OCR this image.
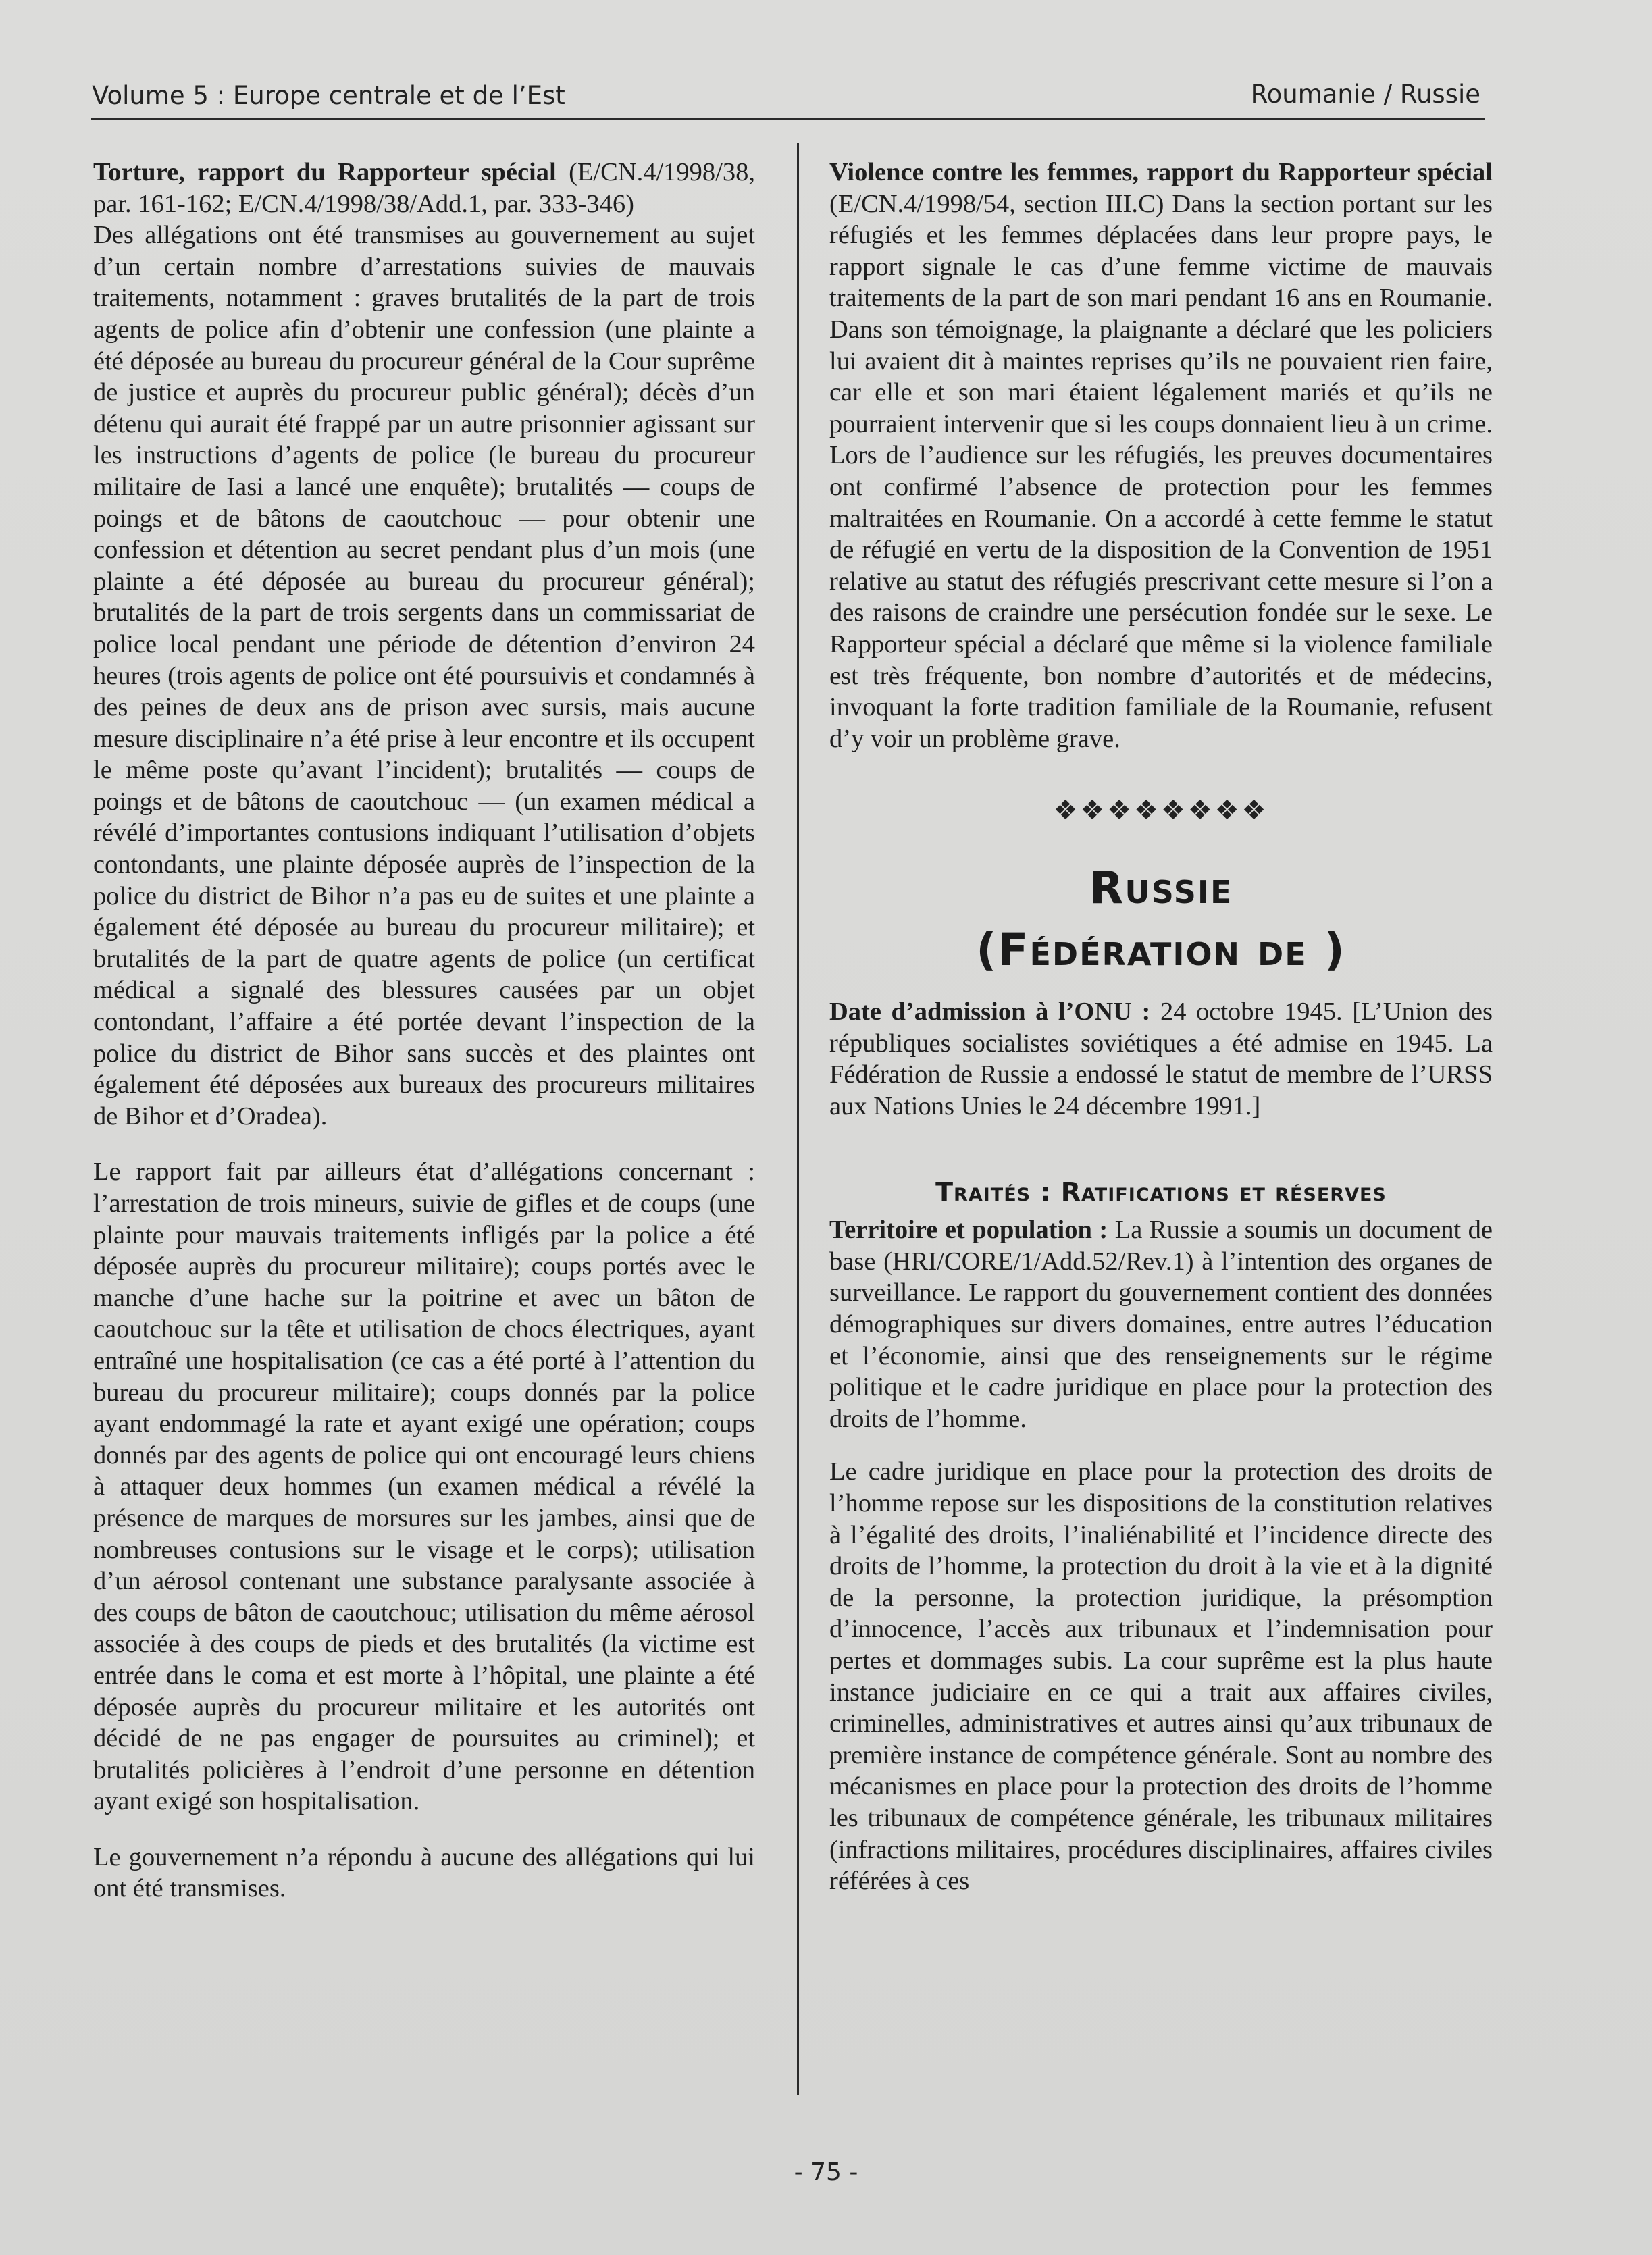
Volume 5 : Europe centrale et de l’Est	Roumanie / Russie
Torture, rapport du Rapporteur spécial (E/CN.4/1998/38, par. 161-162; E/CN.4/1998/38/Add.1, par. 333-346)

Des allégations ont été transmises au gouvernement au sujet d’un certain nombre d’arrestations suivies de mauvais traitements, notamment : graves brutalités de la part de trois agents de police afin d’obtenir une confession (une plainte a été déposée au bureau du procureur général de la Cour suprême de justice et auprès du procureur public général); décès d’un détenu qui aurait été frappé par un autre prisonnier agissant sur les instructions d’agents de police (le bureau du procureur militaire de Iasi a lancé une enquête); brutalités — coups de poings et de bâtons de caoutchouc — pour obtenir une confession et détention au secret pendant plus d’un mois (une plainte a été déposée au bureau du procureur général); brutalités de la part de trois sergents dans un commissariat de police local pendant une période de détention d’environ 24 heures (trois agents de police ont été poursuivis et condamnés à des peines de deux ans de prison avec sursis, mais aucune mesure disciplinaire n’a été prise à leur encontre et ils occupent le même poste qu’avant l’incident); brutalités — coups de poings et de bâtons de caoutchouc — (un examen médical a révélé d’importantes contusions indiquant l’utilisation d’objets contondants, une plainte déposée auprès de l’inspection de la police du district de Bihor n’a pas eu de suites et une plainte a également été déposée au bureau du procureur militaire); et brutalités de la part de quatre agents de police (un certificat médical a signalé des blessures causées par un objet contondant, l’affaire a été portée devant l’inspection de la police du district de Bihor sans succès et des plaintes ont également été déposées aux bureaux des procureurs militaires de Bihor et d’Oradea).

Le rapport fait par ailleurs état d’allégations concernant : l’arrestation de trois mineurs, suivie de gifles et de coups (une plainte pour mauvais traitements infligés par la police a été déposée auprès du procureur militaire); coups portés avec le manche d’une hache sur la poitrine et avec un bâton de caoutchouc sur la tête et utilisation de chocs électriques, ayant entraîné une hospitalisation (ce cas a été porté à l’attention du bureau du procureur militaire); coups donnés par la police ayant endommagé la rate et ayant exigé une opération; coups donnés par des agents de police qui ont encouragé leurs chiens à attaquer deux hommes (un examen médical a révélé la présence de marques de morsures sur les jambes, ainsi que de nombreuses contusions sur le visage et le corps); utilisation d’un aérosol contenant une substance paralysante associée à des coups de bâton de caoutchouc; utilisation du même aérosol associée à des coups de pieds et des brutalités (la victime est entrée dans le coma et est morte à l’hôpital, une plainte a été déposée auprès du procureur militaire et les autorités ont décidé de ne pas engager de poursuites au criminel); et brutalités policières à l’endroit d’une personne en détention ayant exigé son hospitalisation.

Le gouvernement n’a répondu à aucune des allégations qui lui ont été transmises.

Violence contre les femmes, rapport du Rapporteur spécial (E/CN.4/1998/54, section III.C) Dans la section portant sur les réfugiés et les femmes déplacées dans leur propre pays, le rapport signale le cas d’une femme victime de mauvais traitements de la part de son mari pendant 16 ans en Roumanie. Dans son témoignage, la plaignante a déclaré que les policiers lui avaient dit à maintes reprises qu’ils ne pouvaient rien faire, car elle et son mari étaient légalement mariés et qu’ils ne pourraient intervenir que si les coups donnaient lieu à un crime. Lors de l’audience sur les réfugiés, les preuves documentaires ont confirmé l’absence de protection pour les femmes maltraitées en Roumanie. On a accordé à cette femme le statut de réfugié en vertu de la disposition de la Convention de 1951 relative au statut des réfugiés prescrivant cette mesure si l’on a des raisons de craindre une persécution fondée sur le sexe. Le Rapporteur spécial a déclaré que même si la violence familiale est très fréquente, bon nombre d’autorités et de médecins, invoquant la forte tradition familiale de la Roumanie, refusent d’y voir un problème grave.
❖❖❖❖❖❖❖❖
Russie
(Fédération de )
Date d’admission à l’ONU : 24 octobre 1945. [L’Union des républiques socialistes soviétiques a été admise en 1945. La Fédération de Russie a endossé le statut de membre de l’URSS aux Nations Unies le 24 décembre 1991.]
Traités : Ratifications et réserves
Territoire et population : La Russie a soumis un document de base (HRI/CORE/1/Add.52/Rev.1) à l’intention des organes de surveillance. Le rapport du gouvernement contient des données démographiques sur divers domaines, entre autres l’éducation et l’économie, ainsi que des renseignements sur le régime politique et le cadre juridique en place pour la protection des droits de l’homme.

Le cadre juridique en place pour la protection des droits de l’homme repose sur les dispositions de la constitution relatives à l’égalité des droits, l’inaliénabilité et l’incidence directe des droits de l’homme, la protection du droit à la vie et à la dignité de la personne, la protection juridique, la présomption d’innocence, l’accès aux tribunaux et l’indemnisation pour pertes et dommages subis. La cour suprême est la plus haute instance judiciaire en ce qui a trait aux affaires civiles, criminelles, administratives et autres ainsi qu’aux tribunaux de première instance de compétence générale. Sont au nombre des mécanismes en place pour la protection des droits de l’homme les tribunaux de compétence générale, les tribunaux militaires (infractions militaires, procédures disciplinaires, affaires civiles référées à ces

- 75 -
